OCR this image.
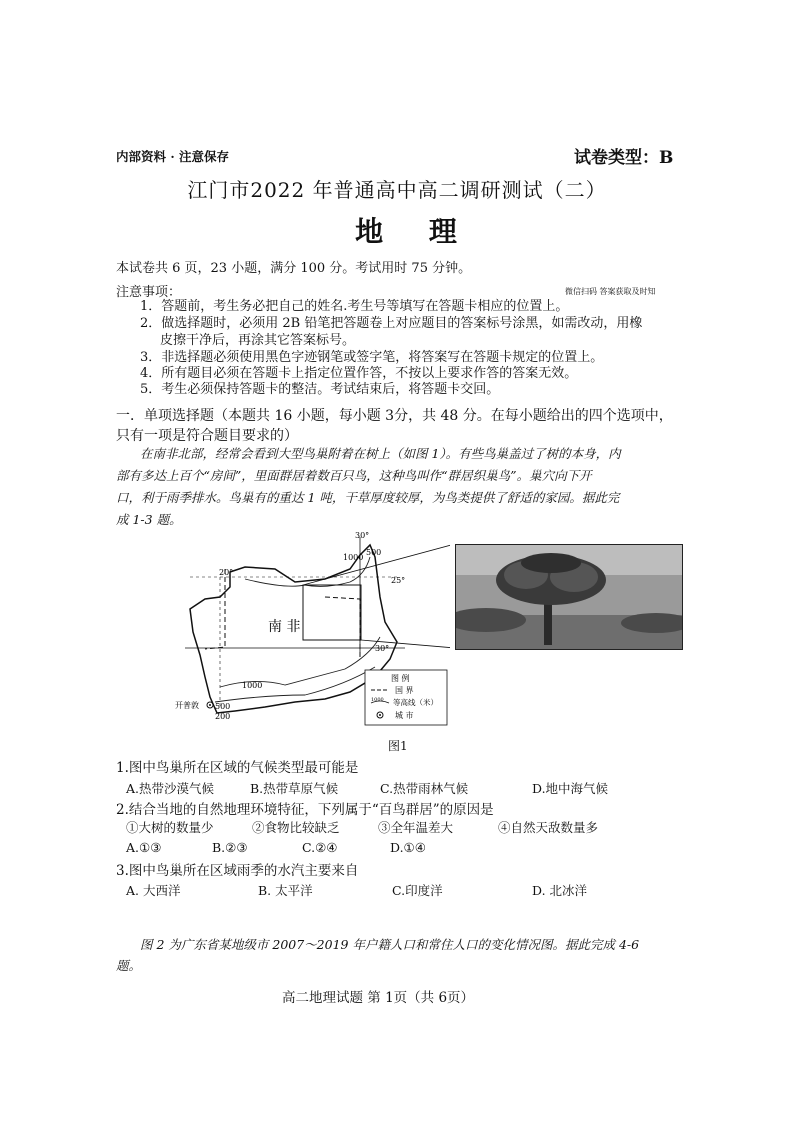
内部资料 · 注意保存	试卷类型：B
江门市2022 年普通高中高二调研测试（二）
地 理
本试卷共 6 页，23 小题，满分 100 分。考试用时 75 分钟。
注意事项：	微信扫码 答案获取及时知
1．答题前，考生务必把自己的姓名.考生号等填写在答题卡相应的位置上。
2．做选择题时，必须用 2B 铅笔把答题卷上对应题目的答案标号涂黑，如需改动，用橡
皮擦干净后，再涂其它答案标号。
3．非选择题必须使用黑色字迹钢笔或签字笔，将答案写在答题卡规定的位置上。
4．所有题目必须在答题卡上指定位置作答，不按以上要求作答的答案无效。
5．考生必须保持答题卡的整洁。考试结束后，将答题卡交回。
一．单项选择题（本题共 16 小题，每小题 3分，共 48 分。在每小题给出的四个选项中，只有一项是符合题目要求的）
在南非北部，经常会看到大型鸟巢附着在树上（如图 1）。有些鸟巢盖过了树的本身，内
部有多达上百个“房间”，里面群居着数百只鸟，这种鸟叫作“群居织巢鸟”。巢穴向下开
口，利于雨季排水。鸟巢有的重达 1 吨，干草厚度较厚，为鸟类提供了舒适的家园。据此完
成 1-3 题。
南 非
30°
500
1000
25°
20°
30°
1000
500
200
开普敦
图 例
国 界
1000 等高线（米）
城 市
图1
1.图中鸟巢所在区域的气候类型最可能是
A.热带沙漠气候	B.热带草原气候	C.热带雨林气候	D.地中海气候
2.结合当地的自然地理环境特征，下列属于“百鸟群居”的原因是
①大树的数量少	②食物比较缺乏	③全年温差大	④自然天敌数量多
A.①③	B.②③	C.②④	D.①④
3.图中鸟巢所在区域雨季的水汽主要来自
A. 大西洋	B. 太平洋	C.印度洋	D. 北冰洋
图 2 为广东省某地级市 2007～2019 年户籍人口和常住人口的变化情况图。据此完成 4-6
题。
高二地理试题 第 1页（共 6页）
